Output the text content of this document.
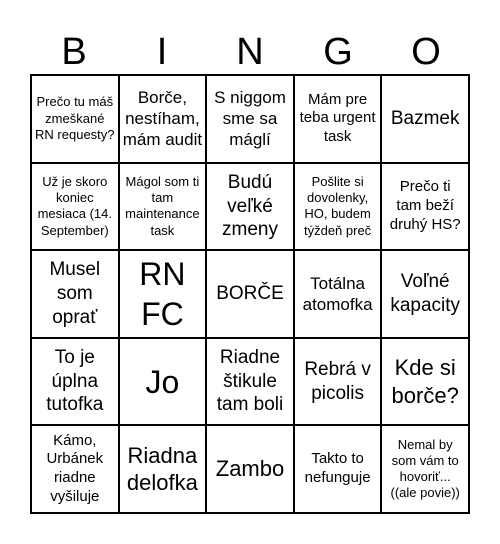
B	I	N	G	O
Prečo tu máš zmeškané RN requesty?
Borče, nestíham, mám audit
S niggom sme sa máglí
Mám pre teba urgent task
Bazmek
Už je skoro koniec mesiaca (14. September)
Mágol som ti tam maintenance task
Budú veľké zmeny
Pošlite si dovolenky, HO, budem týždeň preč
Prečo ti tam beží druhý HS?
Musel som oprať
RN FC
BORČE	Totálna atomofka
Voľné kapacity
To je úplna tutofka
Jo
Riadne štikule tam boli
Rebrá v picolis
Kde si borče?
Kámo, Urbánek riadne vyšiluje
Riadna delofka
Zambo	Takto to nefunguje
Nemal by som vám to hovoriť... ((ale povie))
